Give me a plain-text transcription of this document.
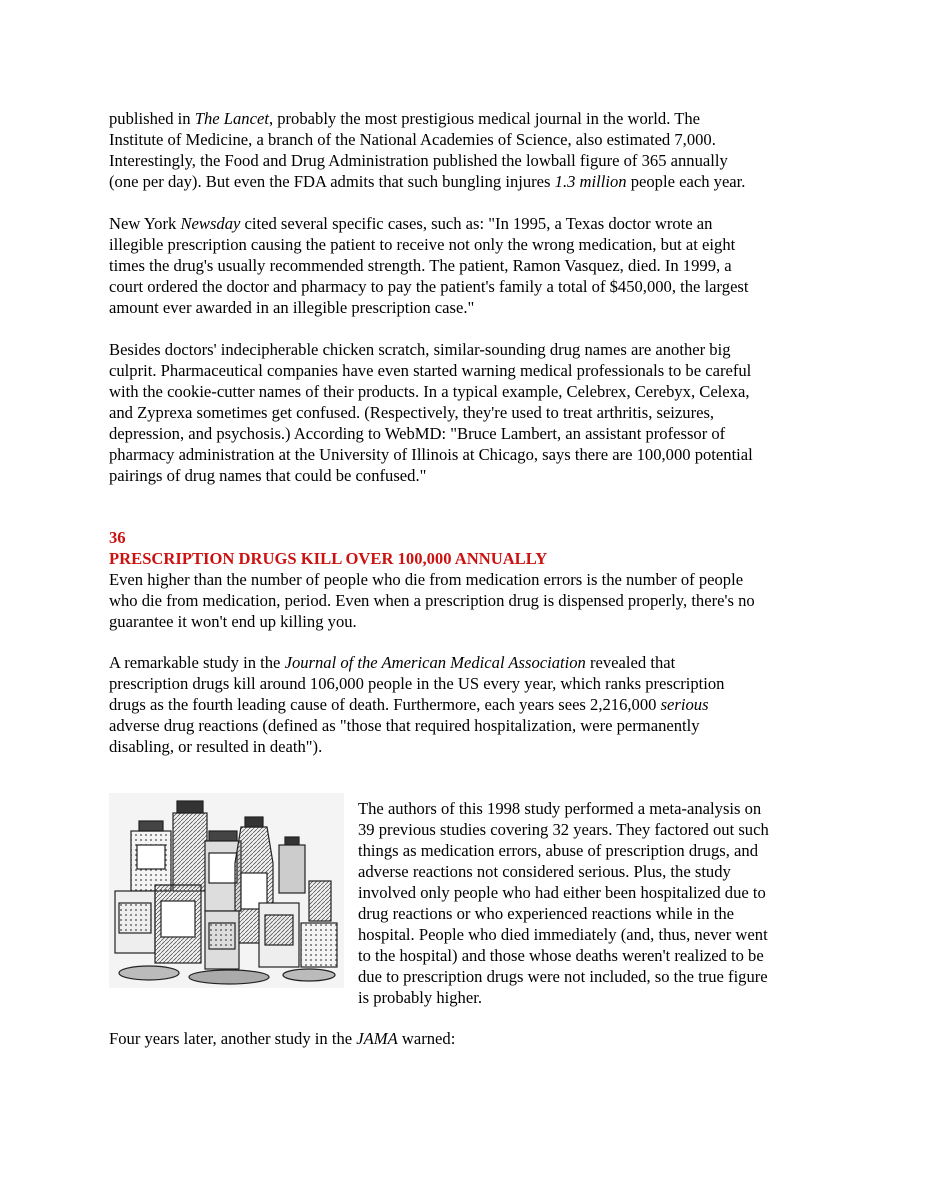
published in The Lancet, probably the most prestigious medical journal in the world. The
Institute of Medicine, a branch of the National Academies of Science, also estimated 7,000.
Interestingly, the Food and Drug Administration published the lowball figure of 365 annually
(one per day). But even the FDA admits that such bungling injures 1.3 million people each year.

New York Newsday cited several specific cases, such as: "In 1995, a Texas doctor wrote an
illegible prescription causing the patient to receive not only the wrong medication, but at eight
times the drug's usually recommended strength. The patient, Ramon Vasquez, died. In 1999, a
court ordered the doctor and pharmacy to pay the patient's family a total of $450,000, the largest
amount ever awarded in an illegible prescription case."

Besides doctors' indecipherable chicken scratch, similar-sounding drug names are another big
culprit. Pharmaceutical companies have even started warning medical professionals to be careful
with the cookie-cutter names of their products. In a typical example, Celebrex, Cerebyx, Celexa,
and Zyprexa sometimes get confused. (Respectively, they're used to treat arthritis, seizures,
depression, and psychosis.) According to WebMD: "Bruce Lambert, an assistant professor of
pharmacy administration at the University of Illinois at Chicago, says there are 100,000 potential
pairings of drug names that could be confused."

36
PRESCRIPTION DRUGS KILL OVER 100,000 ANNUALLY

Even higher than the number of people who die from medication errors is the number of people
who die from medication, period. Even when a prescription drug is dispensed properly, there's no
guarantee it won't end up killing you.

A remarkable study in the Journal of the American Medical Association revealed that
prescription drugs kill around 106,000 people in the US every year, which ranks prescription
drugs as the fourth leading cause of death. Furthermore, each years sees 2,216,000 serious
adverse drug reactions (defined as "those that required hospitalization, were permanently
disabling, or resulted in death").

The authors of this 1998 study performed a meta-analysis on
39 previous studies covering 32 years. They factored out such
things as medication errors, abuse of prescription drugs, and
adverse reactions not considered serious. Plus, the study
involved only people who had either been hospitalized due to
drug reactions or who experienced reactions while in the
hospital. People who died immediately (and, thus, never went
to the hospital) and those whose deaths weren't realized to be
due to prescription drugs were not included, so the true figure
is probably higher.

Four years later, another study in the JAMA warned:
